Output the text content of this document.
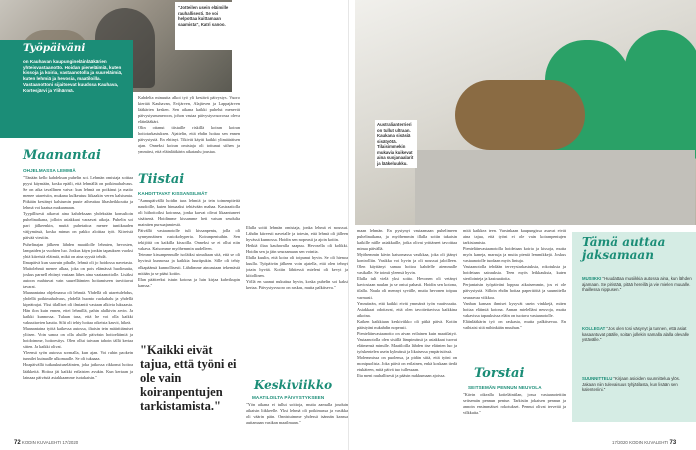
"Jotteilen usein eläimille rauhallisesti. Se voi helpottaa kuittamaan saamista", Katri sanoo.
Australianterrieri on tullut ultraan. Kaukana sisäsiä sisätyötä. Tilaisimmekin mukavia kuikevat aina suojanaalarit ja lääkeluukku.
Työpäiväni

on Kauhavan kaupungineläinlääkärien yhteisvastaanotto. Hoidan pieneläimiä, kuten kissoja ja koiria, vastaanotolla ja suureläimiä, kuten lehmiä ja hevosia, maatiloilla. Vastaanottoni sijaitsevat kuudssa Kauhava, Kortesjärvi ja Ylihärmä.

Maanantai
OHJELMASSA LEMMIÄ
"Tänään kello kahdeksan puhelin soi. Lehmän omistaja soittaa pyysi käymään, koska epäili, että lehmällä on poikimahalvaus. Se on aika tavallinen vaiva: kun lehmä on poikinut ja maito menee utareisiin, mukana kulkeutuu liikaakin veren kalsiumia. Pitkään kestänyt kalsiumin puute aiheuttaa lihasheikkoutta ja lehmä voi kaatua makaamaan.
Tyypillisesti aikavat aina kahdeksaan yhdeksään konsultoin puhelinaikana, jolloin asiakkaat varaavat aikoja. Puhelin soi pari jälkeenkin, muttä puhetaitoa menee tuntikauden väijymässä, koska minun on pakko aloittaa työt. Kiireistä päivää viestiin.
Puhelinajan jälkeen lähden maatilolle lehmien, hevosten, lampaiden ja vuohien luo. Joskus käyn jonkin tapauksen vuoksi yhtä kiireisiä eläimiä, mikä on aina syystä tehdä.
Ilmapäivä kun saavuin pihalle, lehmä oli jo hoidossa navetasta. Maitolehmä menee alkaa, joka on pois elämässä huolimatta, joskus parnell ehtinyt vastaan lähes aina vaaiaanottolle. Lisäksi autoon mahtuvat vain suurelläimten hoitamiseen tarvittavat tavarat.
Maanantaina ohjelmassa oli lehmiä. Yhdellä oli utaretulehdus, yhdellä poikimahalvaus, yhdellä huonto ruokahalu ja yhdellä kipeätrajat. Yksi tilalliset oli ilmiantti vastaan alkivia luksaasta. Hän ilon kuin ennen, ettei lehmillä, pahin alalkivin arvin. Ja kaikki kunnossa. Tulaan tasa, että he voi olla kaikki vakuuttavien kautta. Silti oli tehty hoitaa oikeista kasvit, hikeä.
Maanantaina työtä kaikessa autossa, iltaisin tein määrittämiset yliisen. Voin sanoa on olla aluille päiväsin hoitoeläimiä ja hoidoimme, hoitoesitys. Olen ollut taivaan tahoin tällä kertaa sitten. Ja kaikki olivat.
Yleensä syön autossa sormalla, kun ajan. Voi ruhin paokein tunnilei kuinaalle ulkomaalle. Se oli tukaaaa.
Hoapäivällä tutkaukutuseläinten, joka jatkossa rikkonut hoitoa lääkkeitä. Hoitoa jäi kaikki erilaisten avukin. Kun kertaan ja lainaaa päivästä asiakkaamme isotakaisin."
Kahdelta minuutta alkoi työ yli kestävä päivystys. Vuoro kiertää Kauhavan, Evijärven, Alajärven ja Lappajärven lääkärien kesken. Sen aikana kaikki puhelut menevät päivystysnumeroon, johon vastaa päivystysvuorossa oleva eläinlääkäri.
Olin ottanut tiistaille riskillä koiran koiran hoitotarkastuksen. Ajattelin, että ehdin hoitaa sen ennen päivystystä. En ehtinyt. Tikivät käytti kaikki ylimääräisen ajan. Onneksi koiran omistaja oli tottunut siihen ja ymmärsi, että eläinlääkärin aikataulu joustaa.
Tiistai
KAHDITTAVAT KISSANSILMÄT
"Aamupäivällä hoidin taas lehmiä ja tein toimenpiteitä naudoille, kuten hinuaaksi tehtävään mahaa. Kastraatiolla oli hiihoitoiksi koiransa, jonka karvat olivat likaantuneet sisäisenä. Hoidimme kissamme heti vatsan seudulta mainiten pursuajamiestä.
Päivällä vastaanotolle tuli kissanpentu, jolla oli synnynnäinen rustokohyperia. Koiranpentuihin. Sen tekijöitä on kaikilla kissoilla. Onneksi se ei ollut niin vakava. Katsomme myöhemmin uudelleen.
Teimme kissanpennulle isoläiksi uimaltaan sitä, että se oli hyvissä kunnossa ja kaikkia luuriipukin. Sille oli tehty olkapäänsä kunnollisesti. Lähdimme ainoastaan tekemästä mitään ja se pääsi kotiin.
Illan päätteeksi istuin kotona ja luin kirjaa kahvikupin kanssa."
"Kaikki eivät tajua, että työni ei ole vain koiranpentujen tarkistamista."
Illalla soitti lehmän omistaja, jonka lehmä ei noussut. Lähdin kiireesti navetalle ja totesin, että lehmä oli jälleen hyvässä kunnossa. Hoidin sen nopeasti ja ajoin kotiin.
Hetkiä iltaa kauhavalla saapuu. Hevosella oli kolikki. Hoidin sen ja jäin seuraamaan sen vointia.
Illalla kuulin, että koira oli toipunut hyvin. Se oli hienoa kuulla. Työpäivän jälkeen voin ajatella, että olen tehnyt jotain hyvää. Kotiin lähtiessä mieleni oli kevyt ja kiitollinen.
Yöllä en saanut nukuttua hyvin, koska puhelin soi kaksi kertaa. Päivystysvuoro on raskas, mutta palkitseva."
Keskiviikko
MAATILOILTA PÄIVYSTYKSEEN
"Yön aikana ei tullut soittoja, mutta aamulla jouduin aikaisin liikkeelle. Yksi lehmä oli poikimassa ja vasikka oli väärin päin. Onnistuimme yhdessä isännän kanssa auttamaan vasikan maailmaan."
maan lehmän. En pystynyt vastaamaan puhelimeen puhelinaikana, ja myöhemmin illalla soitin takaisin kaikille niille asiakkaille, jotka olivat yrittäneet tavoittaa minua päivällä.
Myöhemmin kävin katsomassa vasikkaa, joka oli jäänyt kontrolliin. Vasikka voi hyvin ja oli noussut jaloilleen. Olen käyttänyt samaa hoitoa kahdelle aiemmalle vasikalle. Se toimii yleensä hyvin.
Illalla tuli vielä yksi soitto. Hevonen oli vetänyt kaviostaan naulan ja se ontui pahasti. Hoidin sen kotona, tilalla. Naula oli mennyt syvälle, mutta hevonen toipuu varmasti.
Ymmärrän, että kaikki eivät ymmärrä työn vaativuutta. Asiakkaat odottavat, että olen tavoitettavissa kaikkina aikoina.
Kaiken kaikkiaan keskiviikko oli pitkä päivä. Kotiin päästyäni nukahdin nopeasti.
Pienieläinvastaanotto on aivan erilainen kuin maatilatyö. Vastaanotolla olen sisällä lämpimässä ja asiakkaat tuovat eläimensä minulle. Maatiloilla lähden itse eläinten luo ja työskentelen usein kylmässä ja likaisessa ympäristössä.
Molemmissa on puolensa, ja pidän siitä, että työni on monipuolista. Joka päivä on erilainen, enkä koskaan tiedä etukäteen, mitä päivä tuo tullessaan.
Ilta meni rauhallisesti ja pääsin nukkumaan ajoissa.
mitä kaikkea teen. Varsinkaan kaupungissa asuvat eivät aina tajua, että työni ei ole vain koiranpentujen tarkistamista.
Pienieläinvastaanotolla hoidetaan koiria ja kissoja, mutta myös kaneja, marsuja ja muita pieniä lemmikkejä. Joskus vastaanotolle tuodaan myös lintuja.
Vastaanotolla tehdään terveystarkastuksia, rokotuksia ja hoidetaan sairauksia. Teen myös leikkauksia, kuten sterilointeja ja kastraatioita.
Perjantaisin työpäiväni loppuu aikaisemmin, jos ei ole päivystystä. Silloin ehdin hoitaa paperitöitä ja suunnitella seuraavaa viikkoa.
Vanhan kansan ihmiset kysyvät usein vinkkejä, miten hoitaa eläimiä kotona. Annan mielelläni neuvoja, mutta vakavissa tapauksissa eläin on tuotava vastaanotolle.
Eläinlääkärin työ on raskasta, mutta palkitsevaa. En vaihtaisi sitä mihinkään muuhun."
Torstai
SEITSEMÄN PENNUN NEUVOLA
"Kävin oikealla kotieläintilan, jossa vastaanotettiin seitsemän pennun pentue. Tarkistin jokaisen pennun ja annoin ensimmäiset rokotukset. Pennut olivat terveitä ja vilkkaita."
Tämä auttaa jaksamaan

MUSIIKKI "Huudattaa musiikkia autossa aina, kun lähden ajamaan. Se piristää, pitää hereillä ja vie mielen muualle. Ihaillessa nippusen."

KOLLEGAT "Jos olen tosi väsynyt ja tunnen, että asiat kasaantuvat päälle, soitan jollekin samalla alalla olevalle ystävälle."

SUUNNITTELU "Kirjaan asioiden suunnittelua ylös. Jakaan niin tulevaisuus tyhjätilasta, kun lisään sen kalenteriini."

72 KODIN KUVALEHTI 17/2020	17/2020 KODIN KUVALEHTI 73
